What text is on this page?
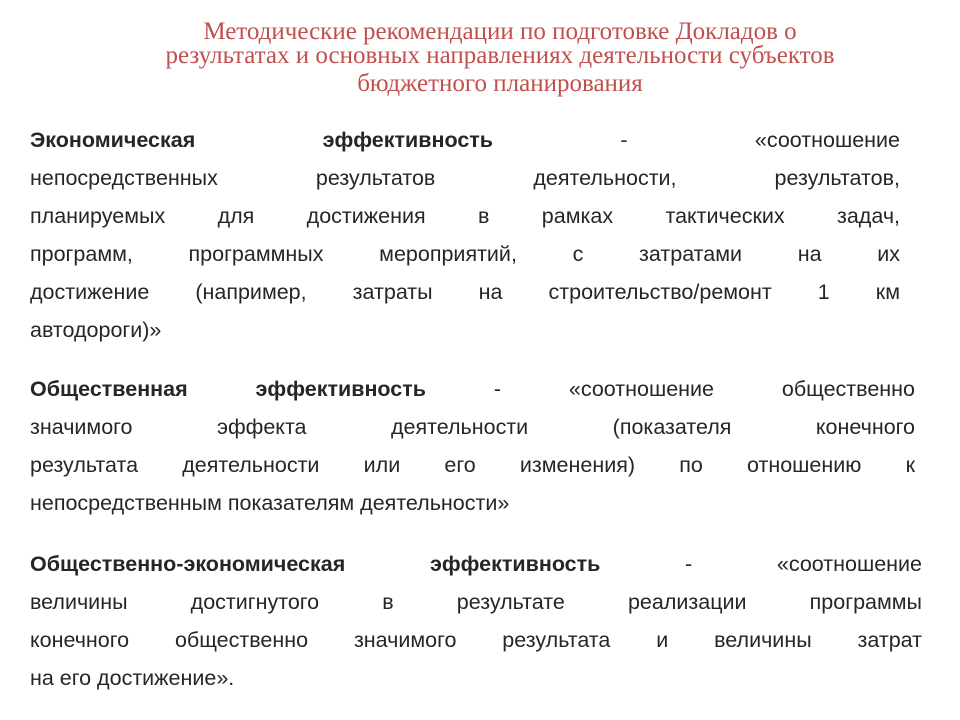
Методические рекомендации по подготовке Докладов о
результатах и основных направлениях деятельности субъектов
бюджетного планирования
Экономическая эффективность - «соотношение
непосредственных результатов деятельности, результатов,
планируемых для достижения в рамках тактических задач,
программ, программных мероприятий, с затратами на их
достижение (например, затраты на строительство/ремонт 1 км
автодороги)»
Общественная эффективность - «соотношение общественно
значимого эффекта деятельности (показателя конечного
результата деятельности или его изменения) по отношению к
непосредственным показателям деятельности»
Общественно-экономическая эффективность - «соотношение
величины достигнутого в результате реализации программы
конечного общественно значимого результата и величины затрат
на его достижение».
